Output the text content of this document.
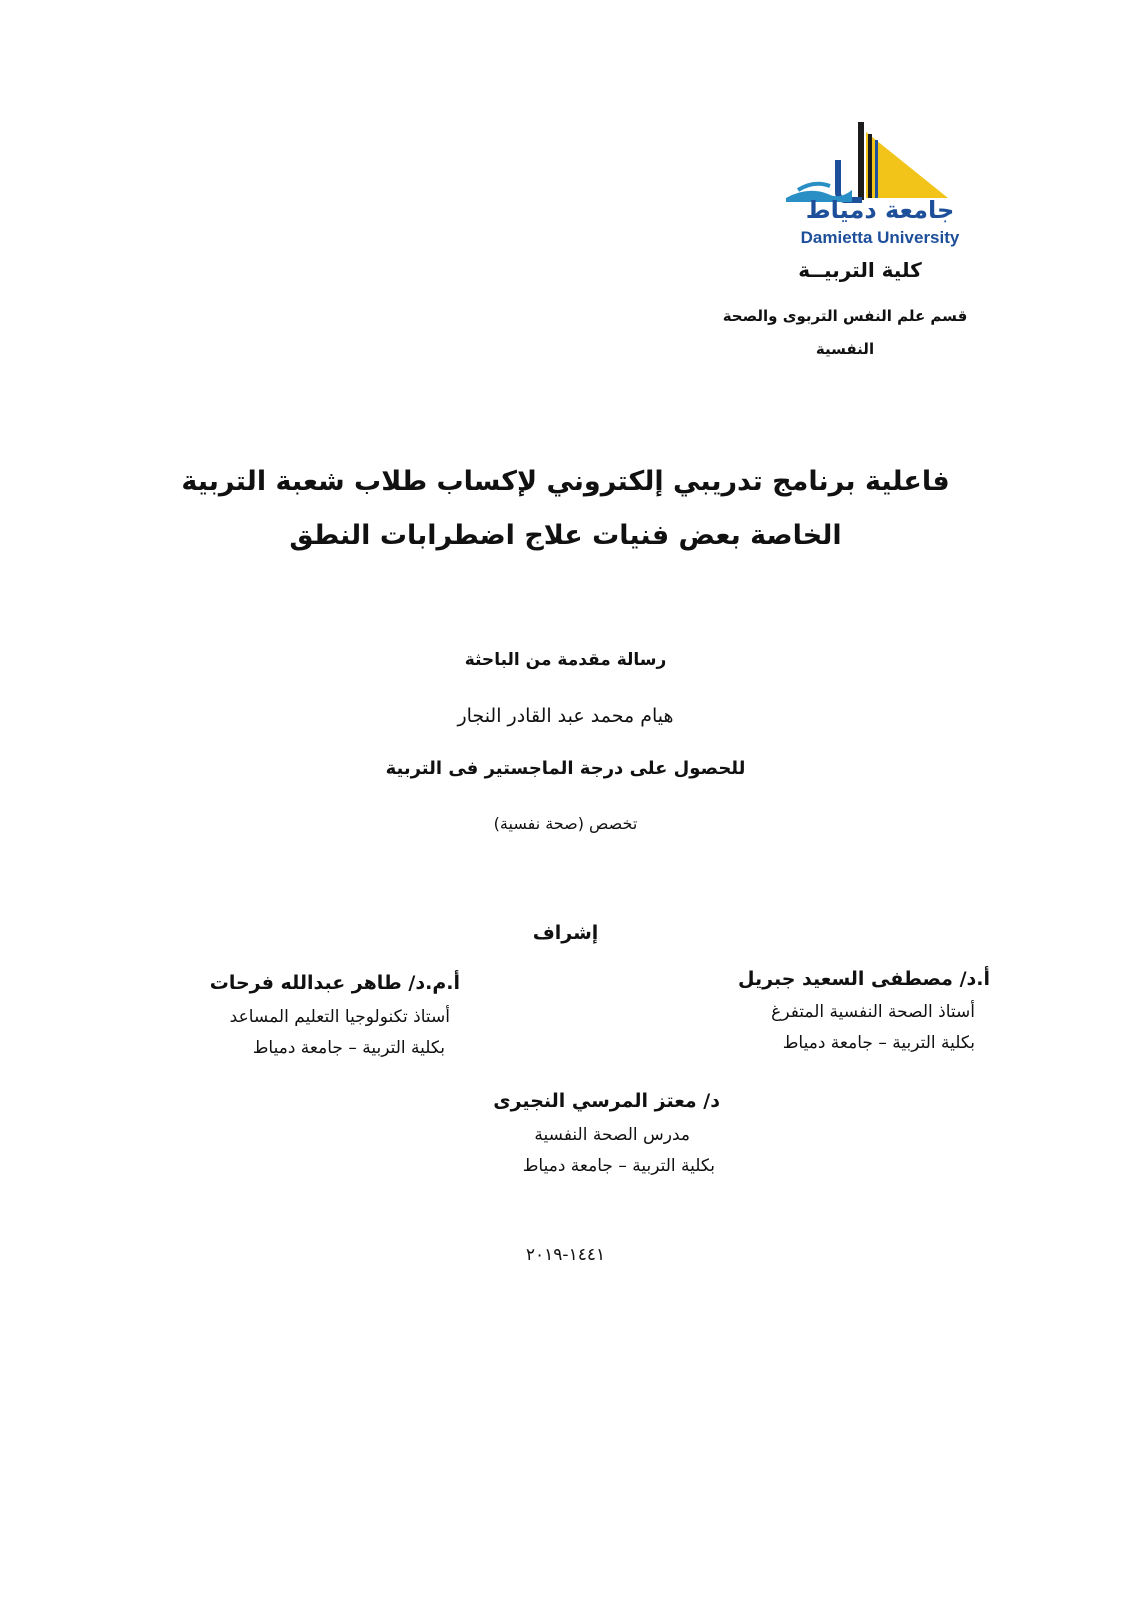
جامعة دمياط
Damietta University
كلية التربيــة
قسم علم النفس التربوى والصحة النفسية
فاعلية برنامج تدريبي إلكتروني لإكساب طلاب شعبة التربية
الخاصة بعض فنيات علاج اضطرابات النطق
رسالة مقدمة من الباحثة
هيام محمد عبد القادر النجار
للحصول على درجة الماجستير فى التربية
تخصص (صحة نفسية)
إشراف
أ.د/ مصطفى السعيد جبريل
أستاذ الصحة النفسية المتفرغ
بكلية التربية – جامعة دمياط
أ.م.د/ طاهر عبدالله فرحات
أستاذ تكنولوجيا التعليم المساعد
بكلية التربية – جامعة دمياط
د/ معتز المرسي النجيرى
مدرس الصحة النفسية
بكلية التربية – جامعة دمياط
١٤٤١-٢٠١٩
